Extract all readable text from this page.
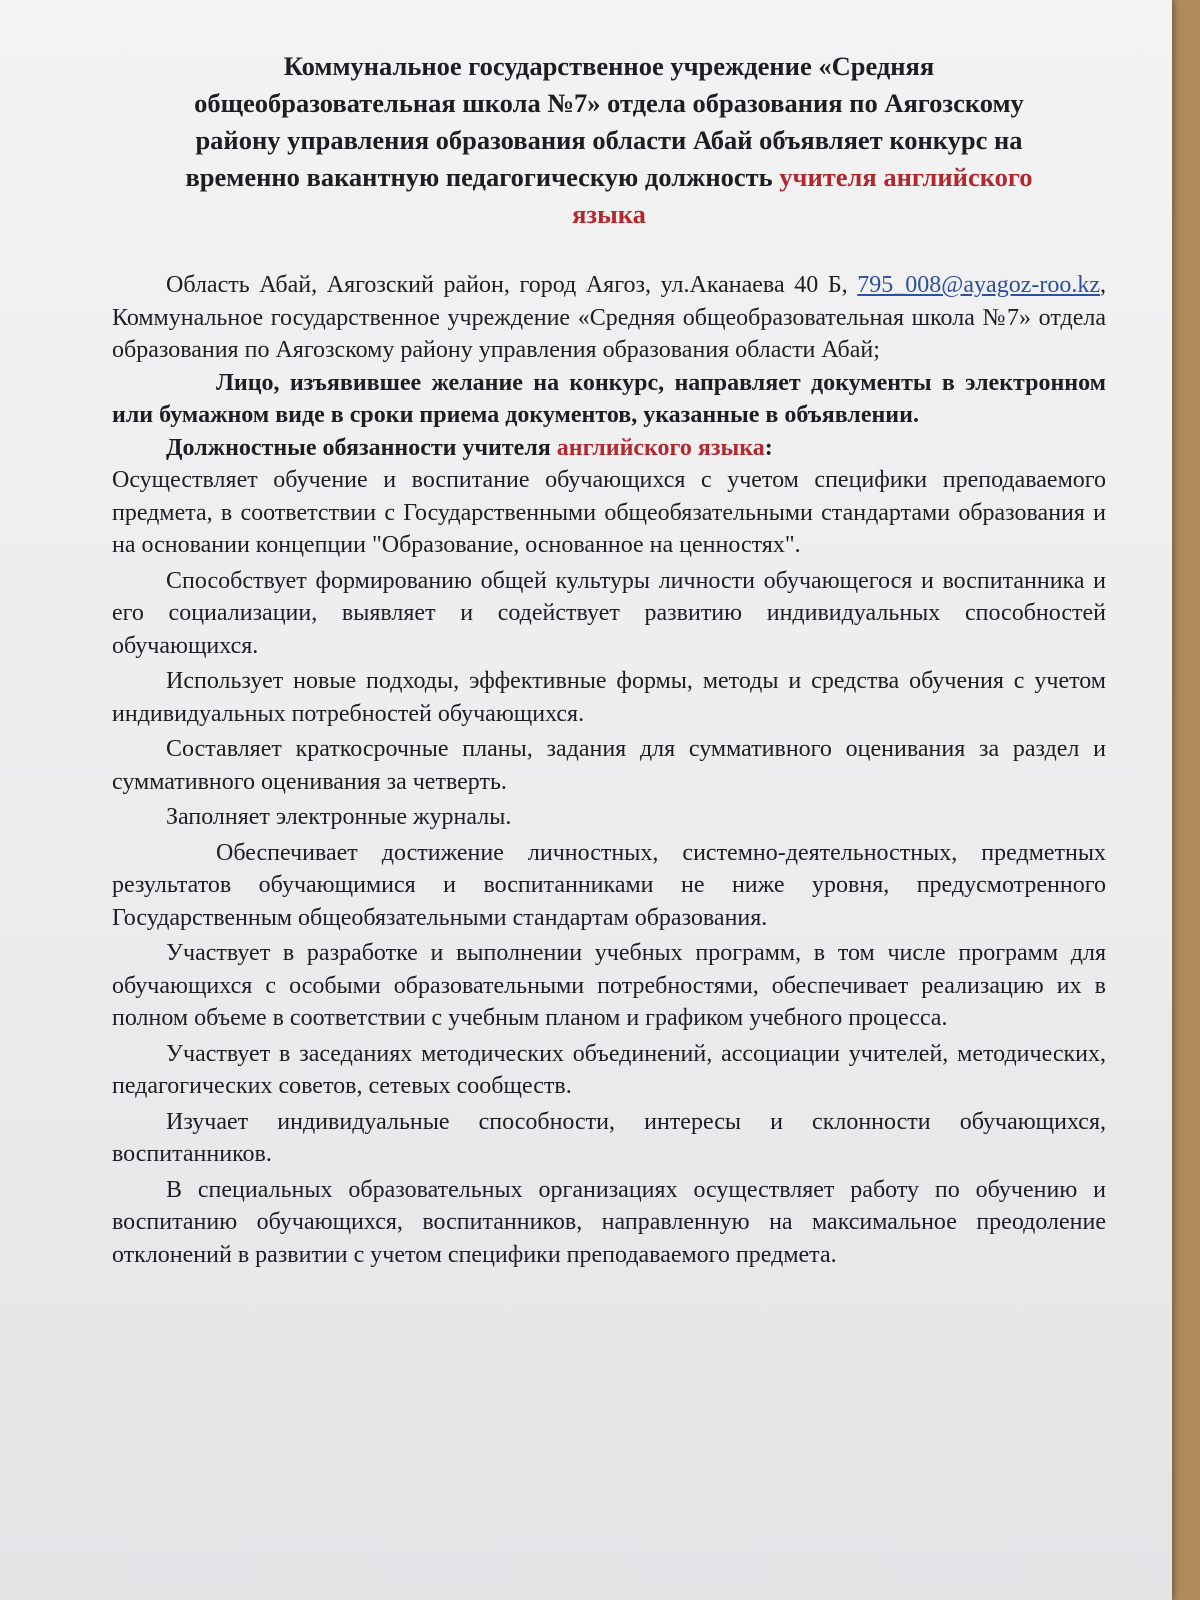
Коммунальное государственное учреждение «Средняя общеобразовательная школа №7» отдела образования по Аягозскому району управления образования области Абай объявляет конкурс на временно вакантную педагогическую должность учителя английского языка

Область Абай, Аягозский район, город Аягоз, ул.Аканаева 40 Б, 795_008@ayagoz-roo.kz, Коммунальное государственное учреждение «Средняя общеобразовательная школа №7» отдела образования по Аягозскому району управления образования области Абай;

Лицо, изъявившее желание на конкурс, направляет документы в электронном или бумажном виде в сроки приема документов, указанные в объявлении.

Должностные обязанности учителя английского языка:

Осуществляет обучение и воспитание обучающихся с учетом специфики преподаваемого предмета, в соответствии с Государственными общеобязательными стандартами образования и на основании концепции "Образование, основанное на ценностях".

Способствует формированию общей культуры личности обучающегося и воспитанника и его социализации, выявляет и содействует развитию индивидуальных способностей обучающихся.

Использует новые подходы, эффективные формы, методы и средства обучения с учетом индивидуальных потребностей обучающихся.

Составляет краткосрочные планы, задания для суммативного оценивания за раздел и суммативного оценивания за четверть.

Заполняет электронные журналы.

Обеспечивает достижение личностных, системно-деятельностных, предметных результатов обучающимися и воспитанниками не ниже уровня, предусмотренного Государственным общеобязательными стандартам образования.

Участвует в разработке и выполнении учебных программ, в том числе программ для обучающихся с особыми образовательными потребностями, обеспечивает реализацию их в полном объеме в соответствии с учебным планом и графиком учебного процесса.

Участвует в заседаниях методических объединений, ассоциации учителей, методических, педагогических советов, сетевых сообществ.

Изучает индивидуальные способности, интересы и склонности обучающихся, воспитанников.

В специальных образовательных организациях осуществляет работу по обучению и воспитанию обучающихся, воспитанников, направленную на максимальное преодоление отклонений в развитии с учетом специфики преподаваемого предмета.
